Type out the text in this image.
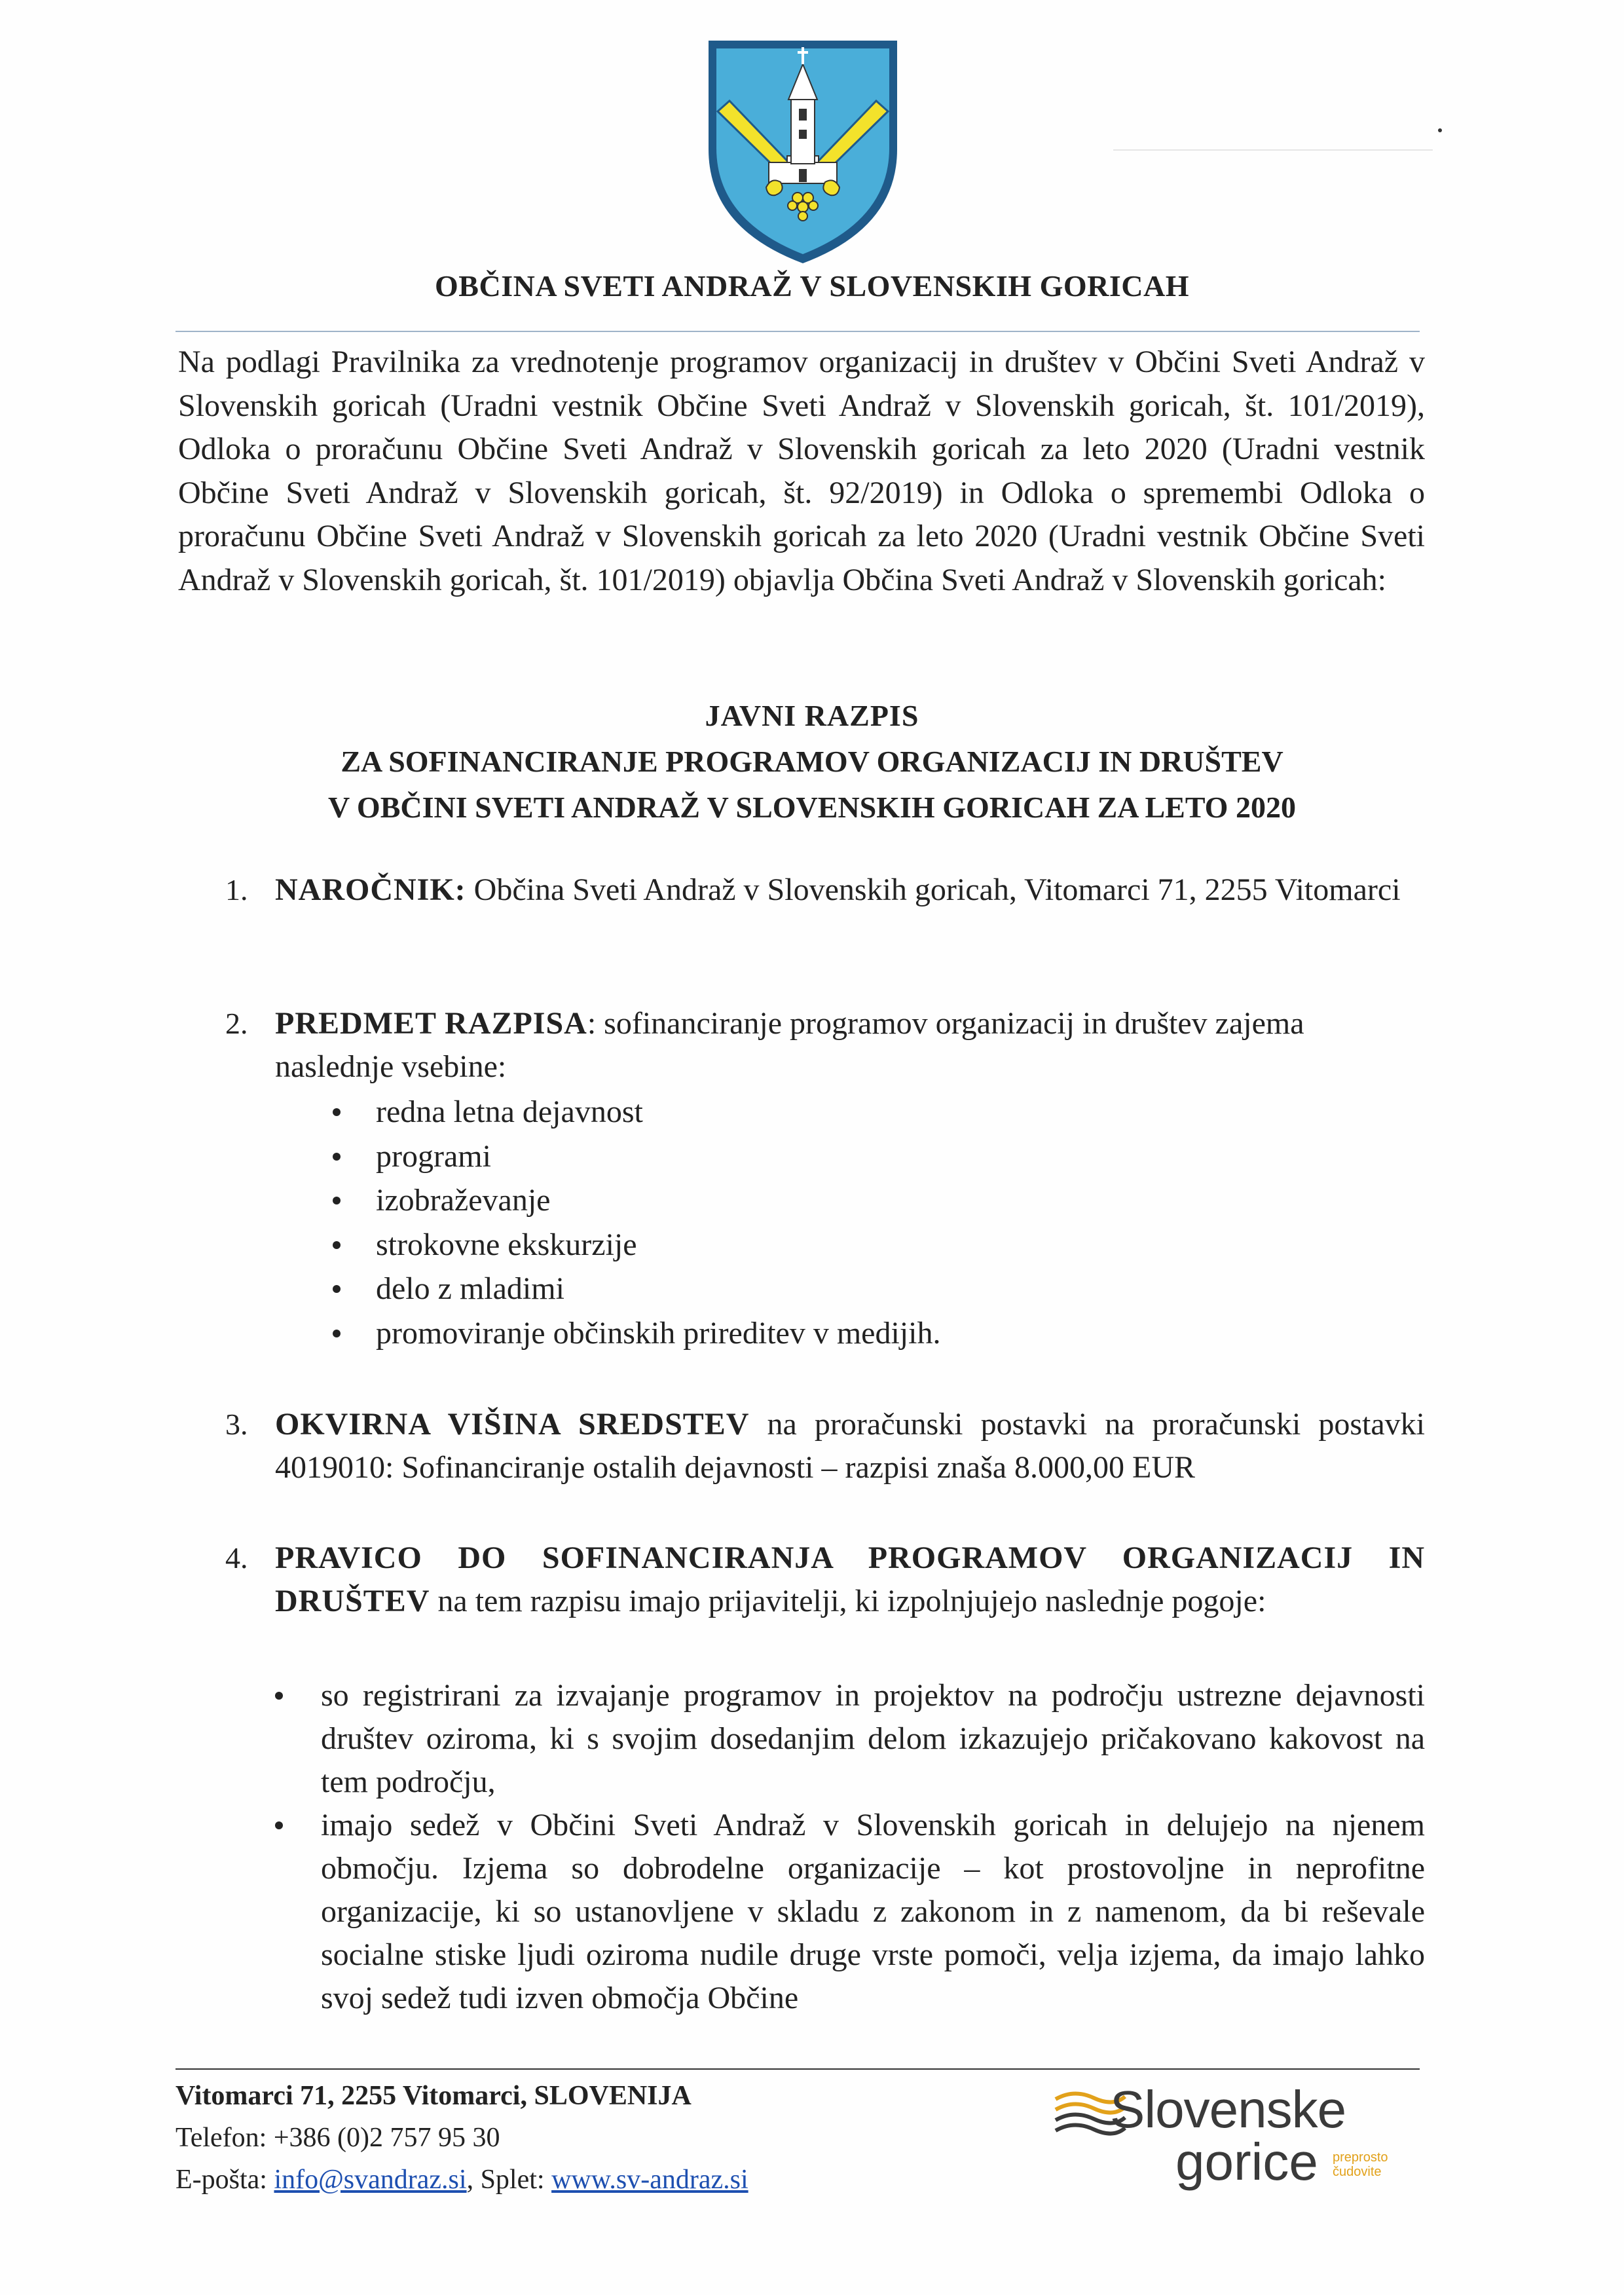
OBČINA SVETI ANDRAŽ V SLOVENSKIH GORICAH
Na podlagi Pravilnika za vrednotenje programov organizacij in društev v Občini Sveti Andraž v Slovenskih goricah (Uradni vestnik Občine Sveti Andraž v Slovenskih goricah, št. 101/2019), Odloka o proračunu Občine Sveti Andraž v Slovenskih goricah za leto 2020 (Uradni vestnik Občine Sveti Andraž v Slovenskih goricah, št. 92/2019) in Odloka o spremembi Odloka o proračunu Občine Sveti Andraž v Slovenskih goricah za leto 2020 (Uradni vestnik Občine Sveti Andraž v Slovenskih goricah, št. 101/2019) objavlja Občina Sveti Andraž v Slovenskih goricah:
JAVNI RAZPIS
ZA SOFINANCIRANJE PROGRAMOV ORGANIZACIJ IN DRUŠTEV
V OBČINI SVETI ANDRAŽ V SLOVENSKIH GORICAH ZA LETO 2020
1. NAROČNIK: Občina Sveti Andraž v Slovenskih goricah, Vitomarci 71, 2255 Vitomarci
2. PREDMET RAZPISA: sofinanciranje programov organizacij in društev zajema naslednje vsebine:
redna letna dejavnost
programi
izobraževanje
strokovne ekskurzije
delo z mladimi
promoviranje občinskih prireditev v medijih.
3. OKVIRNA VIŠINA SREDSTEV na proračunski postavki na proračunski postavki 4019010: Sofinanciranje ostalih dejavnosti – razpisi znaša 8.000,00 EUR
4. PRAVICO DO SOFINANCIRANJA PROGRAMOV ORGANIZACIJ IN DRUŠTEV na tem razpisu imajo prijavitelji, ki izpolnjujejo naslednje pogoje:
so registrirani za izvajanje programov in projektov na področju ustrezne dejavnosti društev oziroma, ki s svojim dosedanjim delom izkazujejo pričakovano kakovost na tem področju,
imajo sedež v Občini Sveti Andraž v Slovenskih goricah in delujejo na njenem območju. Izjema so dobrodelne organizacije – kot prostovoljne in neprofitne organizacije, ki so ustanovljene v skladu z zakonom in z namenom, da bi reševale socialne stiske ljudi oziroma nudile druge vrste pomoči, velja izjema, da imajo lahko svoj sedež tudi izven območja Občine
Vitomarci 71, 2255 Vitomarci, SLOVENIJA
Telefon: +386 (0)2 757 95 30
E-pošta: info@svandraz.si, Splet: www.sv-andraz.si
Slovenske
gorice preprosto
čudovite
